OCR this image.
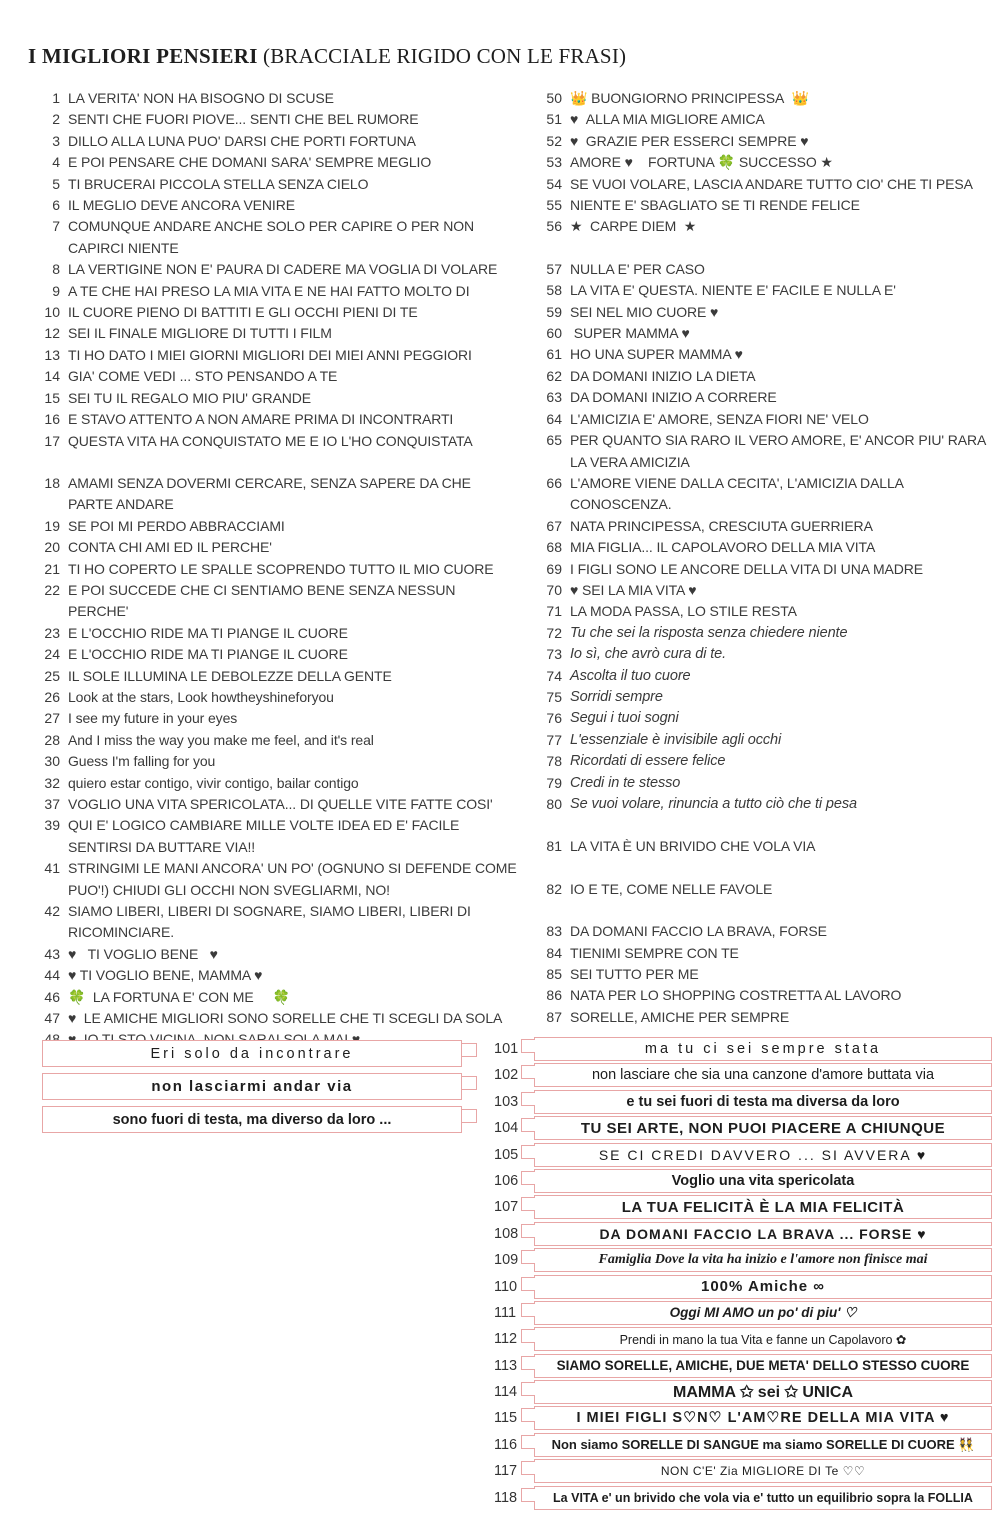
I MIGLIORI PENSIERI (BRACCIALE RIGIDO CON LE FRASI)
1 LA VERITA' NON HA BISOGNO DI SCUSE
2 SENTI CHE FUORI PIOVE... SENTI CHE BEL RUMORE
3 DILLO ALLA LUNA PUO' DARSI CHE PORTI FORTUNA
4 E POI PENSARE CHE DOMANI SARA' SEMPRE MEGLIO
5 TI BRUCERAI PICCOLA STELLA SENZA CIELO
6 IL MEGLIO DEVE ANCORA VENIRE
7 COMUNQUE ANDARE ANCHE SOLO PER CAPIRE O PER NON CAPIRCI NIENTE
8 LA VERTIGINE NON E' PAURA DI CADERE MA VOGLIA DI VOLARE
9 A TE CHE HAI PRESO LA MIA VITA E NE HAI FATTO MOLTO DI
10 IL CUORE PIENO DI BATTITI E GLI OCCHI PIENI DI TE
12 SEI IL FINALE MIGLIORE DI TUTTI I FILM
13 TI HO DATO I MIEI GIORNI MIGLIORI DEI MIEI ANNI PEGGIORI
14 GIA' COME VEDI ... STO PENSANDO A TE
15 SEI TU IL REGALO MIO PIU' GRANDE
16 E STAVO ATTENTO A NON AMARE PRIMA DI INCONTRARTI
17 QUESTA VITA HA CONQUISTATO ME E IO L'HO CONQUISTATA
18 AMAMI SENZA DOVERMI CERCARE, SENZA SAPERE DA CHE PARTE ANDARE
19 SE POI MI PERDO ABBRACCIAMI
20 CONTA CHI AMI ED IL PERCHE'
21 TI HO COPERTO LE SPALLE SCOPRENDO TUTTO IL MIO CUORE
22 E POI SUCCEDE CHE CI SENTIAMO BENE SENZA NESSUN PERCHE'
23 E L'OCCHIO RIDE MA TI PIANGE IL CUORE
24 E L'OCCHIO RIDE MA TI PIANGE IL CUORE
25 IL SOLE ILLUMINA LE DEBOLEZZE DELLA GENTE
26 Look at the stars, Look howtheyshineforyou
27 I see my future in your eyes
28 And I miss the way you make me feel, and it's real
30 Guess I'm falling for you
32 quiero estar contigo, vivir contigo, bailar contigo
37 VOGLIO UNA VITA SPERICOLATA... DI QUELLE VITE FATTE COSI'
39 QUI E' LOGICO CAMBIARE MILLE VOLTE IDEA ED E' FACILE SENTIRSI DA BUTTARE VIA!!
41 STRINGIMI LE MANI ANCORA' UN PO' (OGNUNO SI DEFENDE COME PUO'!) CHIUDI GLI OCCHI NON SVEGLIARMI, NO!
42 SIAMO LIBERI, LIBERI DI SOGNARE, SIAMO LIBERI, LIBERI DI RICOMINCIARE.
43 ♥   TI VOGLIO BENE   ♥
44 ♥ TI VOGLIO BENE, MAMMA ♥
46 🍀  LA FORTUNA E' CON ME     🍀
47 ♥  LE AMICHE MIGLIORI SONO SORELLE CHE TI SCEGLI DA SOLA
50 👑 BUONGIORNO PRINCIPESSA  👑
51 ♥  ALLA MIA MIGLIORE AMICA
52 ♥  GRAZIE PER ESSERCI SEMPRE ♥
53 AMORE ♥    FORTUNA 🍀 SUCCESSO ★
54 SE VUOI VOLARE, LASCIA ANDARE TUTTO CIO' CHE TI PESA
55 NIENTE E' SBAGLIATO SE TI RENDE FELICE
56 ★  CARPE DIEM  ★
57 NULLA E' PER CASO
58 LA VITA E' QUESTA. NIENTE E' FACILE E NULLA E'
59 SEI NEL MIO CUORE ♥
60 SUPER MAMMA ♥
61 HO UNA SUPER MAMMA ♥
62 DA DOMANI INIZIO LA DIETA
63 DA DOMANI INIZIO A CORRERE
64 L'AMICIZIA E' AMORE, SENZA FIORI NE' VELO
65 PER QUANTO SIA RARO IL VERO AMORE, E' ANCOR PIU' RARA LA VERA AMICIZIA
66 L'AMORE VIENE DALLA CECITA', L'AMICIZIA DALLA CONOSCENZA.
67 NATA PRINCIPESSA, CRESCIUTA GUERRIERA
68 MIA FIGLIA... IL CAPOLAVORO DELLA MIA VITA
69 I FIGLI SONO LE ANCORE DELLA VITA DI UNA MADRE
70 ♥ SEI LA MIA VITA ♥
71 LA MODA PASSA, LO STILE RESTA
72 Tu che sei la risposta senza chiedere niente
73 Io sì, che avrò cura di te.
74 Ascolta il tuo cuore
75 Sorridi sempre
76 Segui i tuoi sogni
77 L'essenziale è invisibile agli occhi
78 Ricordati di essere felice
79 Credi in te stesso
80 Se vuoi volare, rinuncia a tutto ciò che ti pesa
81 LA VITA È UN BRIVIDO CHE VOLA VIA
82 IO E TE, COME NELLE FAVOLE
83 DA DOMANI FACCIO LA BRAVA, FORSE
84 TIENIMI SEMPRE CON TE
85 SEI TUTTO PER ME
86 NATA PER LO SHOPPING COSTRETTA AL LAVORO
87 SORELLE, AMICHE PER SEMPRE
Eri solo da incontrare
non lasciarmi andar via
sono fuori di testa, ma diverso da loro ...
101	ma tu ci sei sempre stata
102	non lasciare che sia una canzone d'amore buttata via
103	e tu sei fuori di testa ma diversa da loro
104	TU SEI ARTE, NON PUOI PIACERE A CHIUNQUE
105	SE CI CREDI DAVVERO ... SI AVVERA ♥
106	Voglio una vita spericolata
107	LA TUA FELICITÀ È LA MIA FELICITÀ
108	DA DOMANI FACCIO LA BRAVA ... FORSE ♥
109	Famiglia Dove la vita ha inizio e l'amore non finisce mai
110	100% Amiche ∞
111	Oggi MI AMO un po' di piu' ♡
112	Prendi in mano la tua Vita e fanne un Capolavoro ✿
113	SIAMO SORELLE, AMICHE, DUE META' DELLO STESSO CUORE
114	MAMMA ✩ sei ✩ UNICA
115	I MIEI FIGLI S♡N♡ L'AM♡RE DELLA MIA VITA ♥
116	Non siamo SORELLE DI SANGUE ma siamo SORELLE DI CUORE 👯
117	NON C'E' Zia MIGLIORE DI Te ♡♡
118	La VITA e' un brivido che vola via e' tutto un equilibrio sopra la FOLLIA
